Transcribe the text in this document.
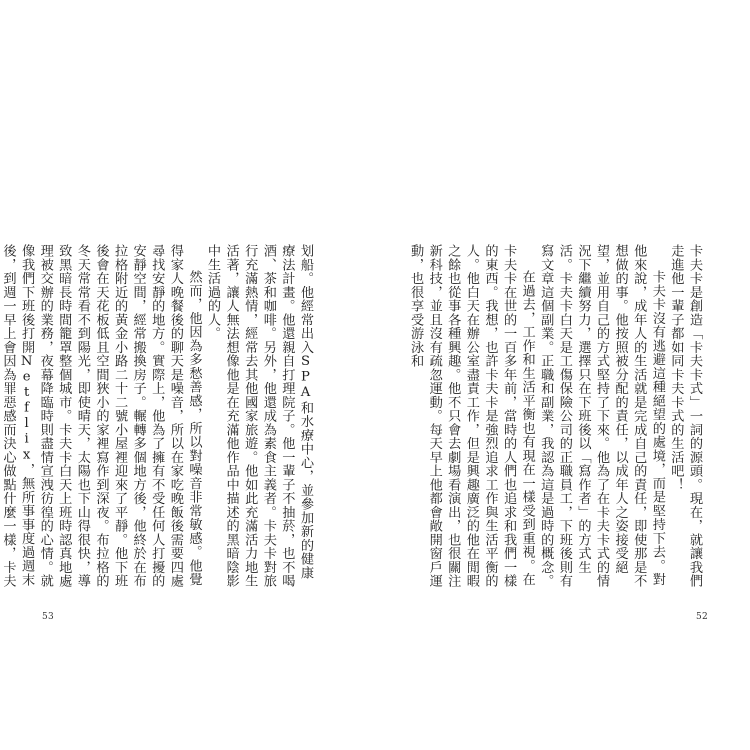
划船。他經常出入SPA和水療中心，並參加新的健康療法計畫。他還親自打理院子。他一輩子不抽菸，也不喝酒、茶和咖啡。另外，他還成為素食主義者。卡夫卡對旅行充滿熱情，經常去其他國家旅遊。他如此充滿活力地生活著，讓人無法想像他是在充滿他作品中描述的黑暗陰影中生活過的人。

然而，他因為多愁善感，所以對噪音非常敏感。他覺得家人晚餐後的聊天是噪音，所以在家吃晚飯後需要四處尋找安靜的地方。實際上，他為了擁有不受任何人打擾的安靜空間，經常搬換房子。輾轉多個地方後，他終於在布拉格附近的黃金小路二十二號小屋裡迎來了平靜。他下班後會在天花板低且空間狹小的家裡寫作到深夜。布拉格的冬天常常看不到陽光，即使晴天，太陽也下山得很快，導致黑暗長時間籠罩整個城市。卡夫卡白天上班時認真地處理被交辦的業務，夜幕降臨時則盡情宣洩彷徨的心情。就像我們下班後打開Netflix，無所事事度過週末後，到週一早上會因為罪惡感而決心做點什麼一樣，卡夫

53

卡夫卡是創造「卡夫卡式」一詞的源頭。現在，就讓我們走進他一輩子都如同卡夫卡式的生活吧！

卡夫卡沒有逃避這種絕望的處境，而是堅持下去。對他來說，成年人的生活就是完成自己的責任，即使那是不想做的事。他按照被分配的責任，以成年人之姿接受絕望，並用自己的方式堅持了下來。他為了在卡夫卡式的情況下繼續努力，選擇只在下班後以「寫作者」的方式生活。卡夫卡白天是工傷保險公司的正職員工，下班後則有寫文章這個副業。正職和副業，我認為這是過時的概念。

在過去，工作和生活平衡也有現在一樣受到重視。在卡夫卡在世的一百多年前，當時的人們也追求和我們一樣的東西。我想，也許卡夫卡是強烈追求工作與生活平衡的人。他白天在辦公室盡責工作，但是興趣廣泛的他在閒暇之餘也從事各種興趣。他不只會去劇場看演出，也很關注新科技，並且沒有疏忽運動。每天早上他都會敞開窗戶運動，也很享受游泳和

52
